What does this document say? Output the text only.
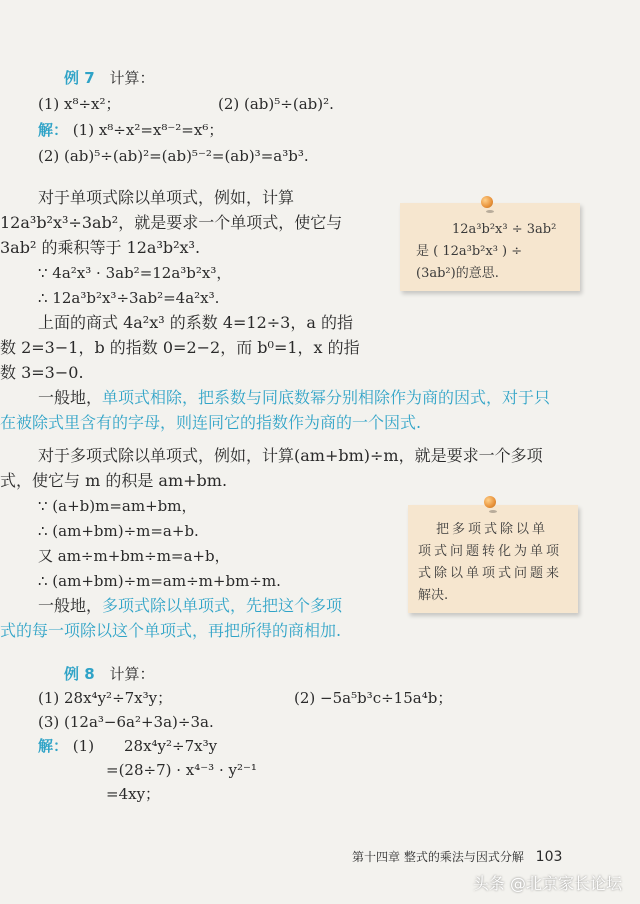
例 7 计算：
(1) x⁸÷x²；	(2) (ab)⁵÷(ab)².
解： (1) x⁸÷x²=x⁸⁻²=x⁶；
(2) (ab)⁵÷(ab)²=(ab)⁵⁻²=(ab)³=a³b³.
对于单项式除以单项式，例如，计算
12a³b²x³÷3ab²，就是要求一个单项式，使它与
3ab² 的乘积等于 12a³b²x³.
∵ 4a²x³ · 3ab²=12a³b²x³，
∴ 12a³b²x³÷3ab²=4a²x³.
上面的商式 4a²x³ 的系数 4=12÷3，a 的指
数 2=3−1，b 的指数 0=2−2，而 b⁰=1，x 的指
数 3=3−0.
一般地，单项式相除，把系数与同底数幂分别相除作为商的因式，对于只
在被除式里含有的字母，则连同它的指数作为商的一个因式.
12a³b²x³ ÷ 3ab²
是 ( 12a³b²x³ ) ÷
(3ab²)的意思.
对于多项式除以单项式，例如，计算(am+bm)÷m，就是要求一个多项
式，使它与 m 的积是 am+bm.
∵ (a+b)m=am+bm，
∴ (am+bm)÷m=a+b.
又 am÷m+bm÷m=a+b，
∴ (am+bm)÷m=am÷m+bm÷m.
一般地，多项式除以单项式，先把这个多项
式的每一项除以这个单项式，再把所得的商相加.
把多项式除以单
项式问题转化为单项
式除以单项式问题来
解决.
例 8 计算：
(1) 28x⁴y²÷7x³y；	(2) −5a⁵b³c÷15a⁴b；
(3) (12a³−6a²+3a)÷3a.
解： (1) 28x⁴y²÷7x³y
=(28÷7) · x⁴⁻³ · y²⁻¹
=4xy；
第十四章 整式的乘法与因式分解 103
头条 @北京家长论坛
